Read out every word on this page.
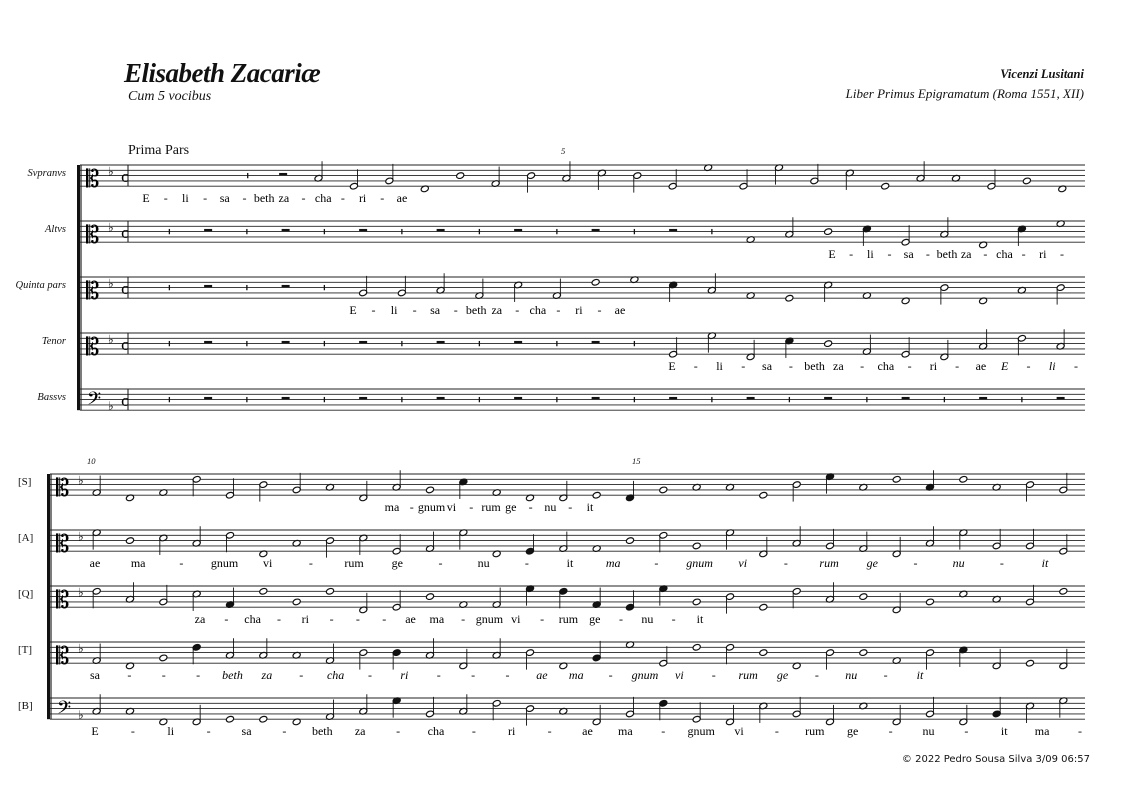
Elisabeth Zacariæ
Cum 5 vocibus
Vicenzi Lusitani
Liber Primus Epigramatum (Roma 1551, XII)
Prima Pars
Svpranvs
Altvs
Quinta pars
Tenor
Bassvs
5
[S]
[A]
[Q]
[T]
[B]
10	15
𝄡 ♭ c
𝄡 ♭ c
𝄡 ♭ c
𝄡 ♭ c
𝄢 ♭ c
E - li - sa - beth za - cha - ri - ae
E - li - sa - beth za - cha - ri -
E - li - sa - beth za - cha - ri - ae
E - li - sa - beth za - cha - ri - ae E - li -
𝄡 ♭
𝄡 ♭
𝄡 ♭
𝄡 ♭
𝄢 ♭
ma - gnum vi - rum ge - nu - it
ae	ma	- gnum vi	-	rum ge	-	nu	-	it	ma	- gnum vi	-	rum ge	-	nu	-	it
za - cha - ri - - - ae ma - gnum vi - rum ge - nu - it
sa -	-	- beth za - cha - ri -	-	- ae ma - gnum vi - rum ge - nu - it
E	-	li	-	sa	- beth za	- cha -	ri	-	ae ma - gnum vi	- rum ge	- nu -	it ma -
© 2022 Pedro Sousa Silva 3/09 06:57
